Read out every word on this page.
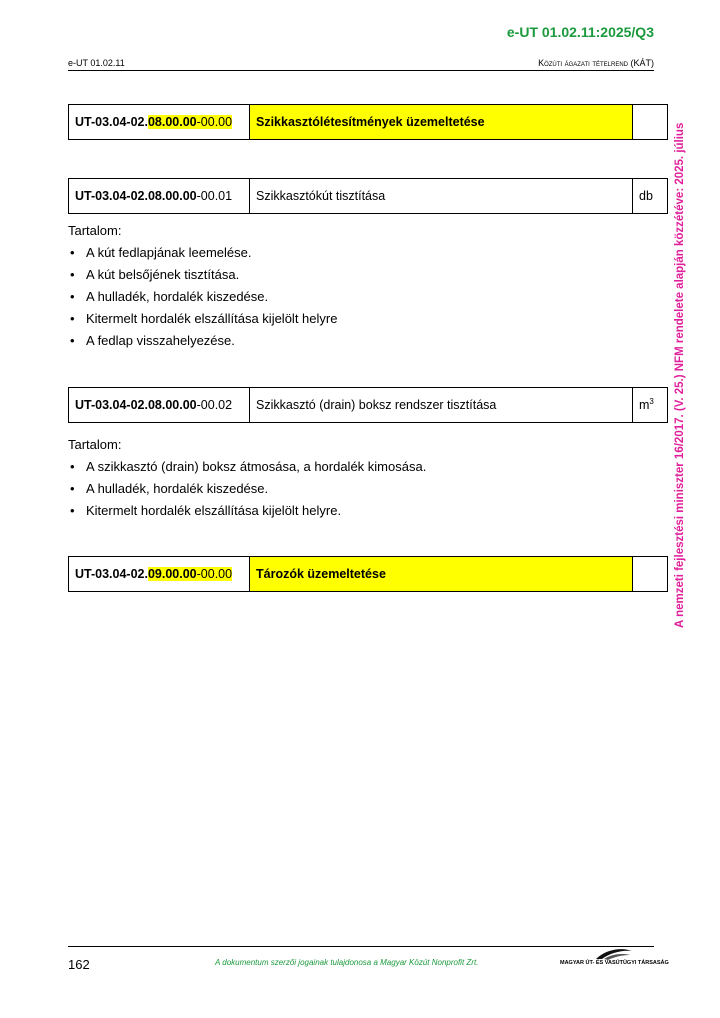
e-UT 01.02.11:2025/Q3
e-UT 01.02.11	Közúti ágazati tételrend (KÁT)
UT-03.04-02.08.00.00-00.00	Szikkasztólétesítmények üzemeltetése	
UT-03.04-02.08.00.00-00.01	Szikkasztókút tisztítása	db
Tartalom:
• A kút fedlapjának leemelése.
• A kút belsőjének tisztítása.
• A hulladék, hordalék kiszedése.
• Kitermelt hordalék elszállítása kijelölt helyre
• A fedlap visszahelyezése.
UT-03.04-02.08.00.00-00.02	Szikkasztó (drain) boksz rendszer tisztítása	$m^3$
Tartalom:
• A szikkasztó (drain) boksz átmosása, a hordalék kimosása.
• A hulladék, hordalék kiszedése.
• Kitermelt hordalék elszállítása kijelölt helyre.
UT-03.04-02.09.00.00-00.00	Tározók üzemeltetése		A nemzeti fejlesztési miniszter 16/2017. (V. 25.) NFM rendelete alapján közzétéve: 2025. július
162	A dokumentum szerzői jogainak tulajdonosa a Magyar Közút Nonprofit Zrt.	MAGYAR ÚT- ÉS VASÚTÜGYI TÁRSASÁG
